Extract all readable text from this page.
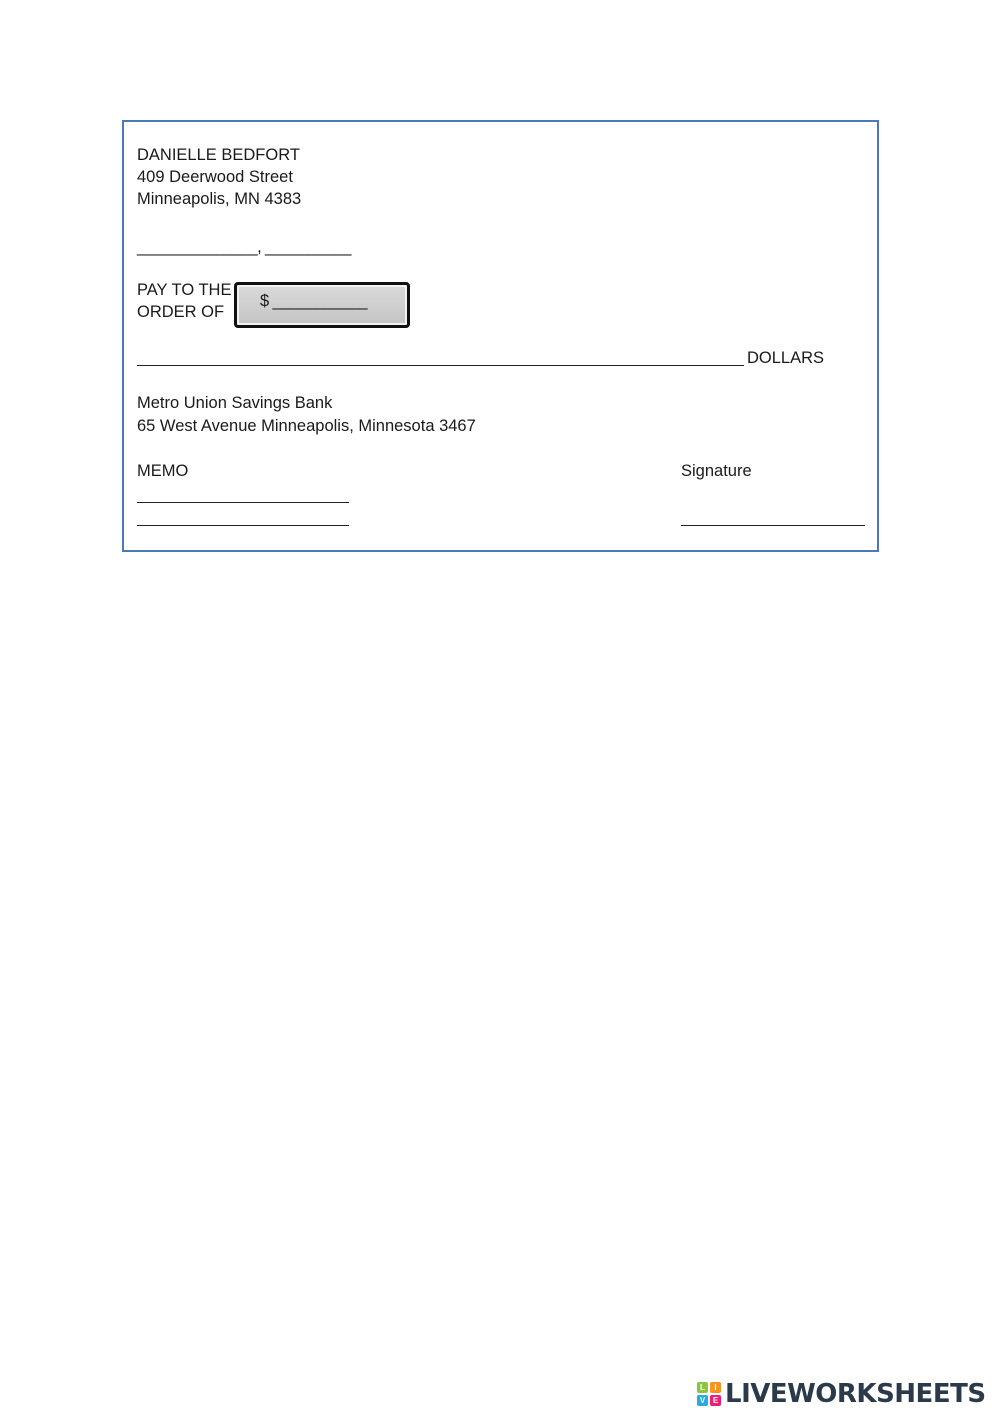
DANIELLE BEDFORT
409 Deerwood Street
Minneapolis, MN 4383
______________, __________
PAY TO THE
ORDER OF
$ ___________
DOLLARS
Metro Union Savings Bank
65 West Avenue Minneapolis, Minnesota 3467
MEMO	Signature
L	I
V E LIVEWORKSHEETS
